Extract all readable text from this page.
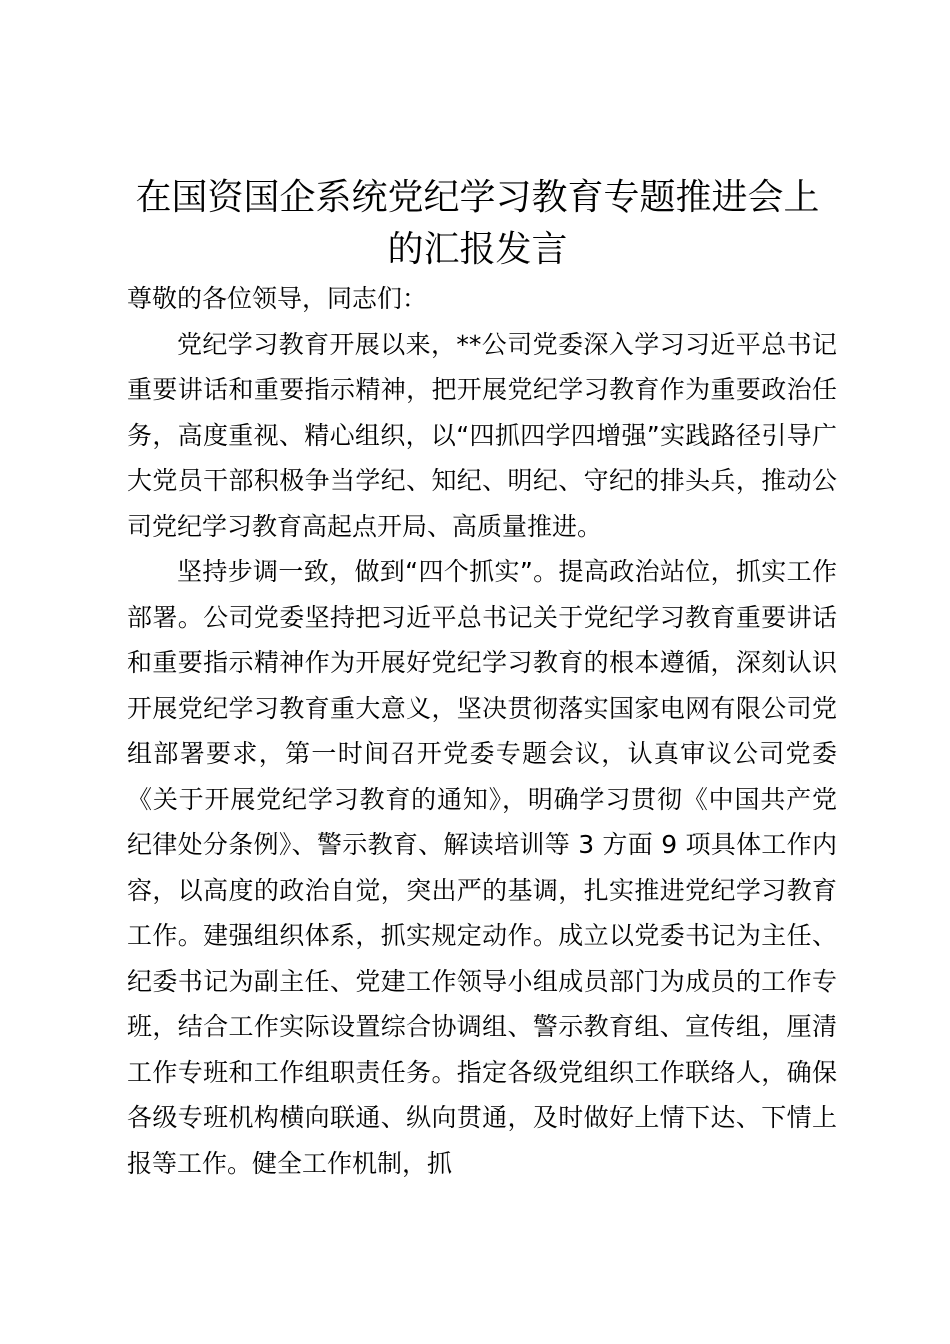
在国资国企系统党纪学习教育专题推进会上的汇报发言

尊敬的各位领导，同志们：

党纪学习教育开展以来，**公司党委深入学习习近平总书记重要讲话和重要指示精神，把开展党纪学习教育作为重要政治任务，高度重视、精心组织，以“四抓四学四增强”实践路径引导广大党员干部积极争当学纪、知纪、明纪、守纪的排头兵，推动公司党纪学习教育高起点开局、高质量推进。

坚持步调一致，做到“四个抓实”。提高政治站位，抓实工作部署。公司党委坚持把习近平总书记关于党纪学习教育重要讲话和重要指示精神作为开展好党纪学习教育的根本遵循，深刻认识开展党纪学习教育重大意义，坚决贯彻落实国家电网有限公司党组部署要求，第一时间召开党委专题会议，认真审议公司党委《关于开展党纪学习教育的通知》，明确学习贯彻《中国共产党纪律处分条例》、警示教育、解读培训等 3 方面 9 项具体工作内容，以高度的政治自觉，突出严的基调，扎实推进党纪学习教育工作。建强组织体系，抓实规定动作。成立以党委书记为主任、纪委书记为副主任、党建工作领导小组成员部门为成员的工作专班，结合工作实际设置综合协调组、警示教育组、宣传组，厘清工作专班和工作组职责任务。指定各级党组织工作联络人，确保各级专班机构横向联通、纵向贯通，及时做好上情下达、下情上报等工作。健全工作机制，抓
